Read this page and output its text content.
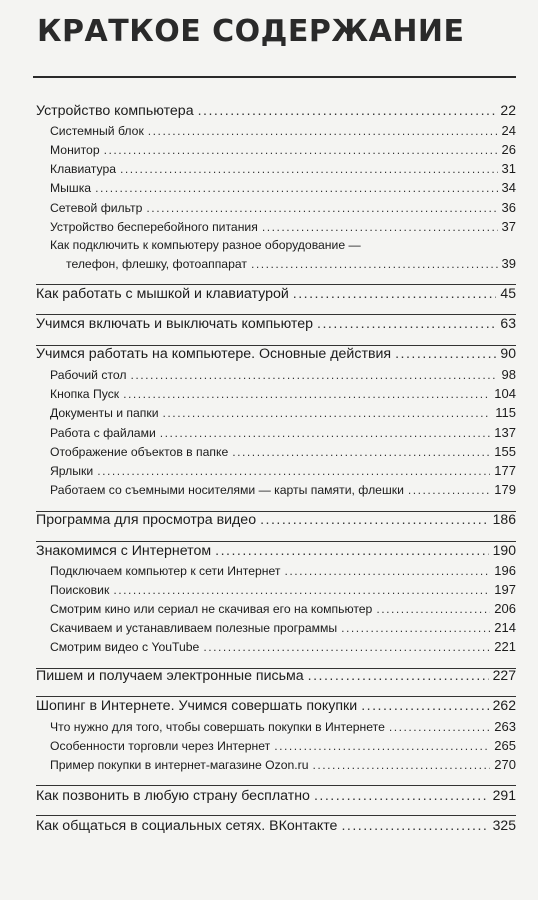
КРАТКОЕ СОДЕРЖАНИЕ
Устройство компьютера .....	22
Системный блок .....	24
Монитор .....	26
Клавиатура .....	31
Мышка .....	34
Сетевой фильтр .....	36
Устройство бесперебойного питания .....	37
Как подключить к компьютеру разное оборудование —
телефон, флешку, фотоаппарат .....	39
Как работать с мышкой и клавиатурой .....	45
Учимся включать и выключать компьютер .....	63
Учимся работать на компьютере. Основные действия .....	90
Рабочий стол .....	98
Кнопка Пуск .....	104
Документы и папки .....	115
Работа с файлами .....	137
Отображение объектов в папке .....	155
Ярлыки .....	177
Работаем со съемными носителями — карты памяти, флешки .....	179
Программа для просмотра видео .....	186
Знакомимся с Интернетом .....	190
Подключаем компьютер к сети Интернет .....	196
Поисковик .....	197
Смотрим кино или сериал не скачивая его на компьютер .....	206
Скачиваем и устанавливаем полезные программы .....	214
Смотрим видео с YouTube .....	221
Пишем и получаем электронные письма .....	227
Шопинг в Интернете. Учимся совершать покупки .....	262
Что нужно для того, чтобы совершать покупки в Интернете .....	263
Особенности торговли через Интернет .....	265
Пример покупки в интернет-магазине Ozon.ru .....	270
Как позвонить в любую страну бесплатно .....	291
Как общаться в социальных сетях. ВКонтакте .....	325
